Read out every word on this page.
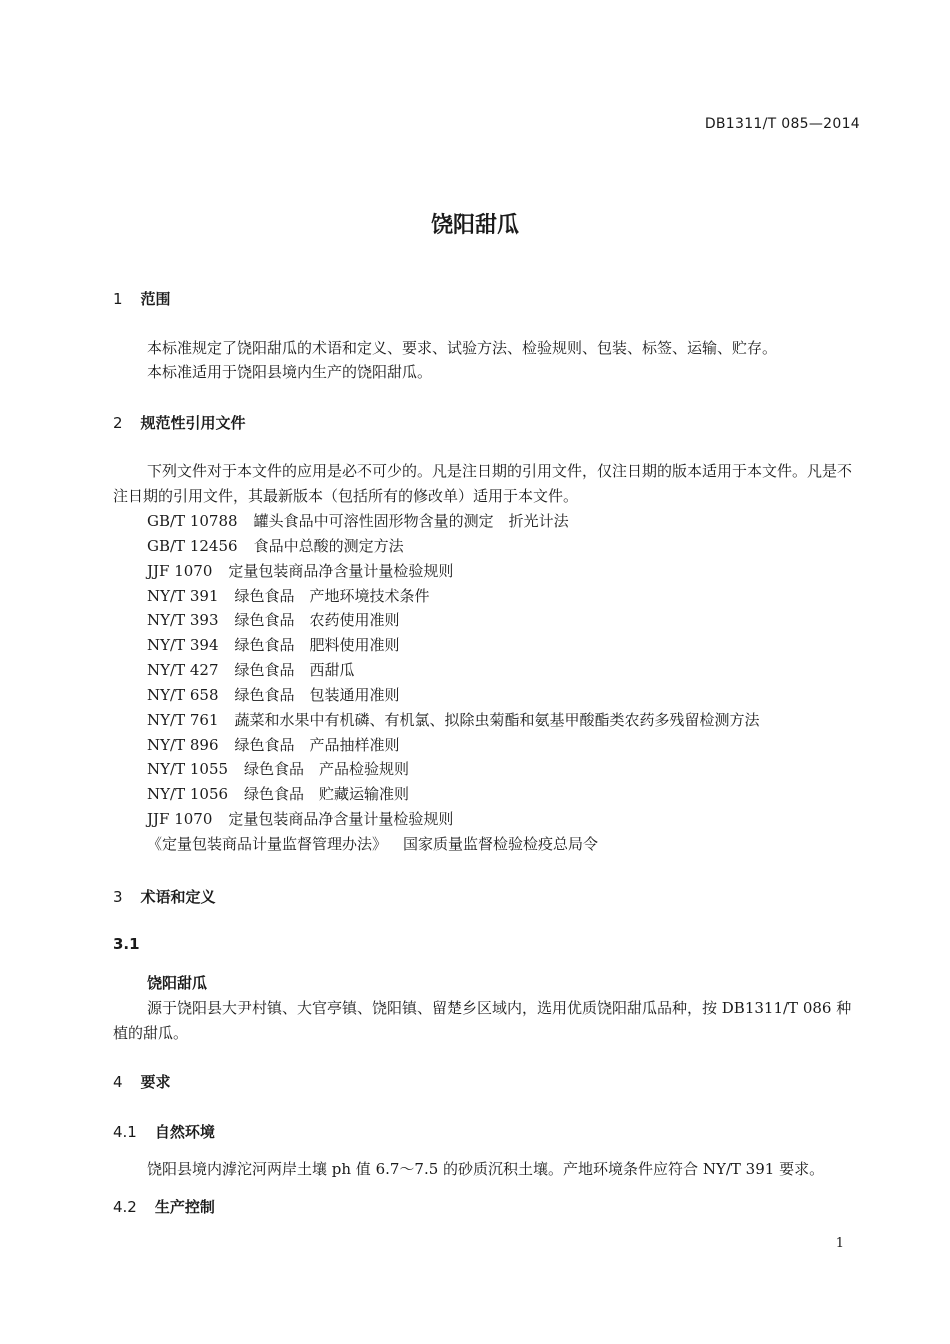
DB1311/T 085—2014
饶阳甜瓜
1 范围
本标准规定了饶阳甜瓜的术语和定义、要求、试验方法、检验规则、包装、标签、运输、贮存。
本标准适用于饶阳县境内生产的饶阳甜瓜。
2 规范性引用文件
下列文件对于本文件的应用是必不可少的。凡是注日期的引用文件，仅注日期的版本适用于本文件。凡是不注日期的引用文件，其最新版本（包括所有的修改单）适用于本文件。
GB/T 10788 罐头食品中可溶性固形物含量的测定　折光计法
GB/T 12456 食品中总酸的测定方法
JJF 1070 定量包装商品净含量计量检验规则
NY/T 391 绿色食品　产地环境技术条件
NY/T 393 绿色食品　农药使用准则
NY/T 394 绿色食品　肥料使用准则
NY/T 427 绿色食品　西甜瓜
NY/T 658 绿色食品　包装通用准则
NY/T 761 蔬菜和水果中有机磷、有机氯、拟除虫菊酯和氨基甲酸酯类农药多残留检测方法
NY/T 896 绿色食品　产品抽样准则
NY/T 1055 绿色食品　产品检验规则
NY/T 1056 绿色食品　贮藏运输准则
JJF 1070 定量包装商品净含量计量检验规则
《定量包装商品计量监督管理办法》 国家质量监督检验检疫总局令
3 术语和定义
3.1
饶阳甜瓜
源于饶阳县大尹村镇、大官亭镇、饶阳镇、留楚乡区域内，选用优质饶阳甜瓜品种，按 DB1311/T 086 种植的甜瓜。
4 要求
4.1 自然环境
饶阳县境内滹沱河两岸土壤 ph 值 6.7～7.5 的砂质沉积土壤。产地环境条件应符合 NY/T 391 要求。
4.2 生产控制
1
